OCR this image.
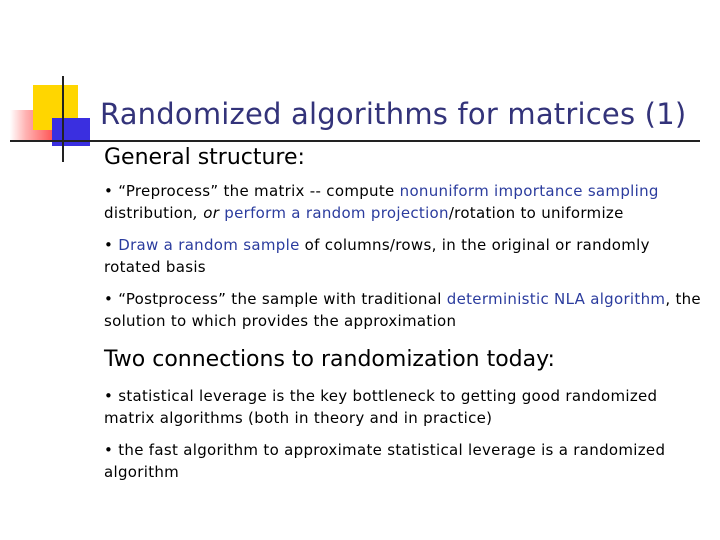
Randomized algorithms for matrices (1)
General structure:
• “Preprocess” the matrix -- compute nonuniform importance sampling distribution, or perform a random projection/rotation to uniformize
• Draw a random sample of columns/rows, in the original or randomly rotated basis
• “Postprocess” the sample with traditional deterministic NLA algorithm, the solution to which provides the approximation
Two connections to randomization today:
• statistical leverage is the key bottleneck to getting good randomized matrix algorithms (both in theory and in practice)
• the fast algorithm to approximate statistical leverage is a randomized algorithm
